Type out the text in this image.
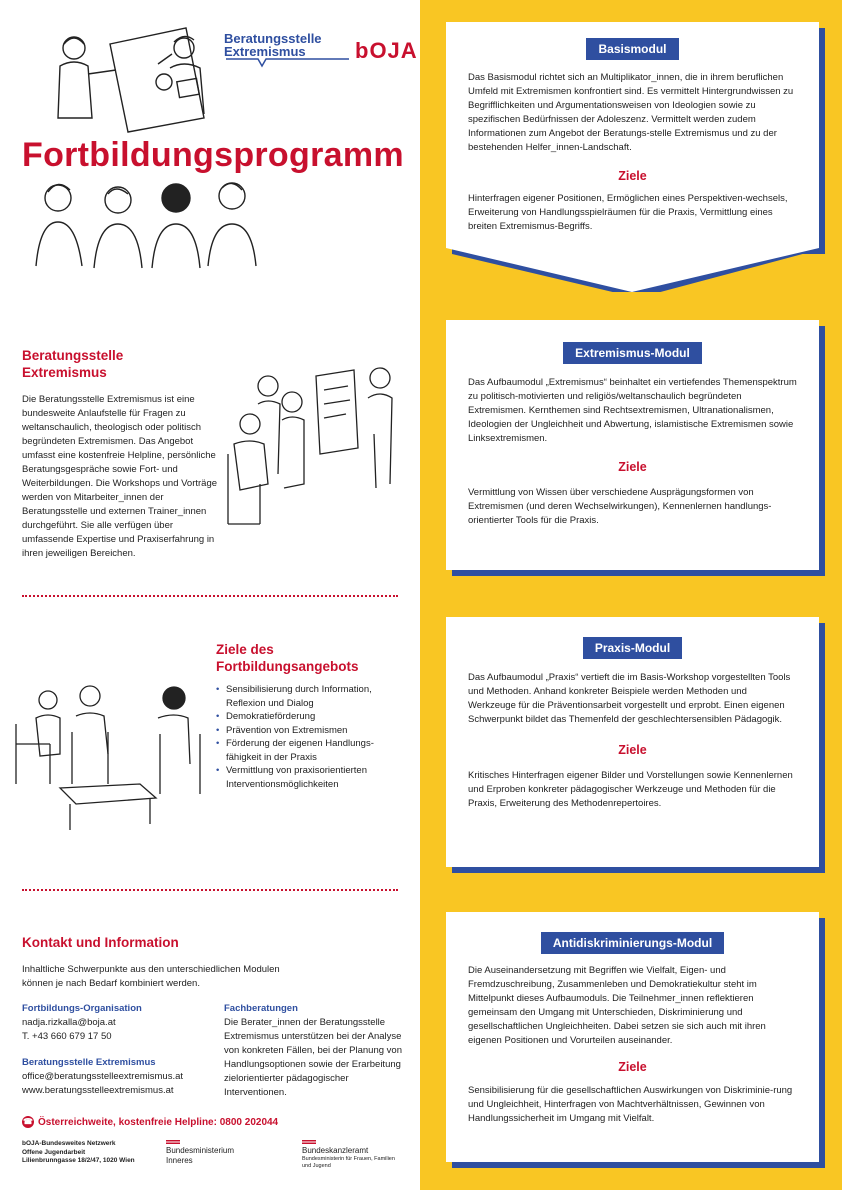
Beratungsstelle
Extremismus	bOJA
Fortbildungsprogramm
Beratungsstelle
Extremismus
Die Beratungsstelle Extremismus ist eine bundesweite Anlaufstelle für Fragen zu weltanschaulich, theologisch oder politisch begründeten Extremismen. Das Angebot umfasst eine kostenfreie Helpline, persönliche Beratungsgespräche sowie Fort- und Weiterbildungen. Die Workshops und Vorträge werden von Mitarbeiter_innen der Beratungsstelle und externen Trainer_innen durchgeführt. Sie alle verfügen über umfassende Expertise und Praxiserfahrung in ihren jeweiligen Bereichen.
Ziele des
Fortbildungsangebots
• Sensibilisierung durch Information, Reflexion und Dialog
• Demokratieförderung
• Prävention von Extremismen
• Förderung der eigenen Handlungs-fähigkeit in der Praxis
• Vermittlung von praxisorientierten Interventionsmöglichkeiten
Kontakt und Information
Inhaltliche Schwerpunkte aus den unterschiedlichen Modulen können je nach Bedarf kombiniert werden.
Fortbildungs-Organisation
nadja.rizkalla@boja.at
T. +43 660 679 17 50
Beratungsstelle Extremismus
office@beratungsstelleextremismus.at
www.beratungsstelleextremismus.at
Fachberatungen
Die Berater_innen der Beratungsstelle Extremismus unterstützen bei der Analyse von konkreten Fällen, bei der Planung von Handlungsoptionen sowie der Erarbeitung zielorientierter pädagogischer Interventionen.
☎ Österreichweite, kostenfreie Helpline: 0800 202044
bOJA-Bundesweites Netzwerk
Offene Jugendarbeit
Lilienbrunngasse 18/2/47, 1020 Wien
Bundesministerium
Inneres
Bundeskanzleramt
Bundesministerin für Frauen, Familien und Jugend
Basismodul
Das Basismodul richtet sich an Multiplikator_innen, die in ihrem beruflichen Umfeld mit Extremismen konfrontiert sind. Es vermittelt Hintergrundwissen zu Begrifflichkeiten und Argumentationsweisen von Ideologien sowie zu spezifischen Bedürfnissen der Adoleszenz. Vermittelt werden zudem Informationen zum Angebot der Beratungs-stelle Extremismus und zu der bestehenden Helfer_innen-Landschaft.
Ziele
Hinterfragen eigener Positionen, Ermöglichen eines Perspektiven-wechsels, Erweiterung von Handlungsspielräumen für die Praxis, Vermittlung eines breiten Extremismus-Begriffs.
Extremismus-Modul
Das Aufbaumodul „Extremismus“ beinhaltet ein vertiefendes Themenspektrum zu politisch-motivierten und religiös/weltanschaulich begründeten Extremismen. Kernthemen sind Rechtsextremismen, Ultranationalismen, Ideologien der Ungleichheit und Abwertung, islamistische Extremismen sowie Linksextremismen.
Ziele
Vermittlung von Wissen über verschiedene Ausprägungsformen von Extremismen (und deren Wechselwirkungen), Kennenlernen handlungs-orientierter Tools für die Praxis.
Praxis-Modul
Das Aufbaumodul „Praxis“ vertieft die im Basis-Workshop vorgestellten Tools und Methoden. Anhand konkreter Beispiele werden Methoden und Werkzeuge für die Präventionsarbeit vorgestellt und erprobt. Einen eigenen Schwerpunkt bildet das Themenfeld der geschlechtersensiblen Pädagogik.
Ziele
Kritisches Hinterfragen eigener Bilder und Vorstellungen sowie Kennenlernen und Erproben konkreter pädagogischer Werkzeuge und Methoden für die Praxis, Erweiterung des Methodenrepertoires.
Antidiskriminierungs-Modul
Die Auseinandersetzung mit Begriffen wie Vielfalt, Eigen- und Fremdzuschreibung, Zusammenleben und Demokratiekultur steht im Mittelpunkt dieses Aufbaumoduls. Die Teilnehmer_innen reflektieren gemeinsam den Umgang mit Unterschieden, Diskriminierung und gesellschaftlichen Ungleichheiten. Dabei setzen sie sich auch mit ihren eigenen Positionen und Vorurteilen auseinander.
Ziele
Sensibilisierung für die gesellschaftlichen Auswirkungen von Diskriminie-rung und Ungleichheit, Hinterfragen von Machtverhältnissen, Gewinnen von Handlungssicherheit im Umgang mit Vielfalt.
